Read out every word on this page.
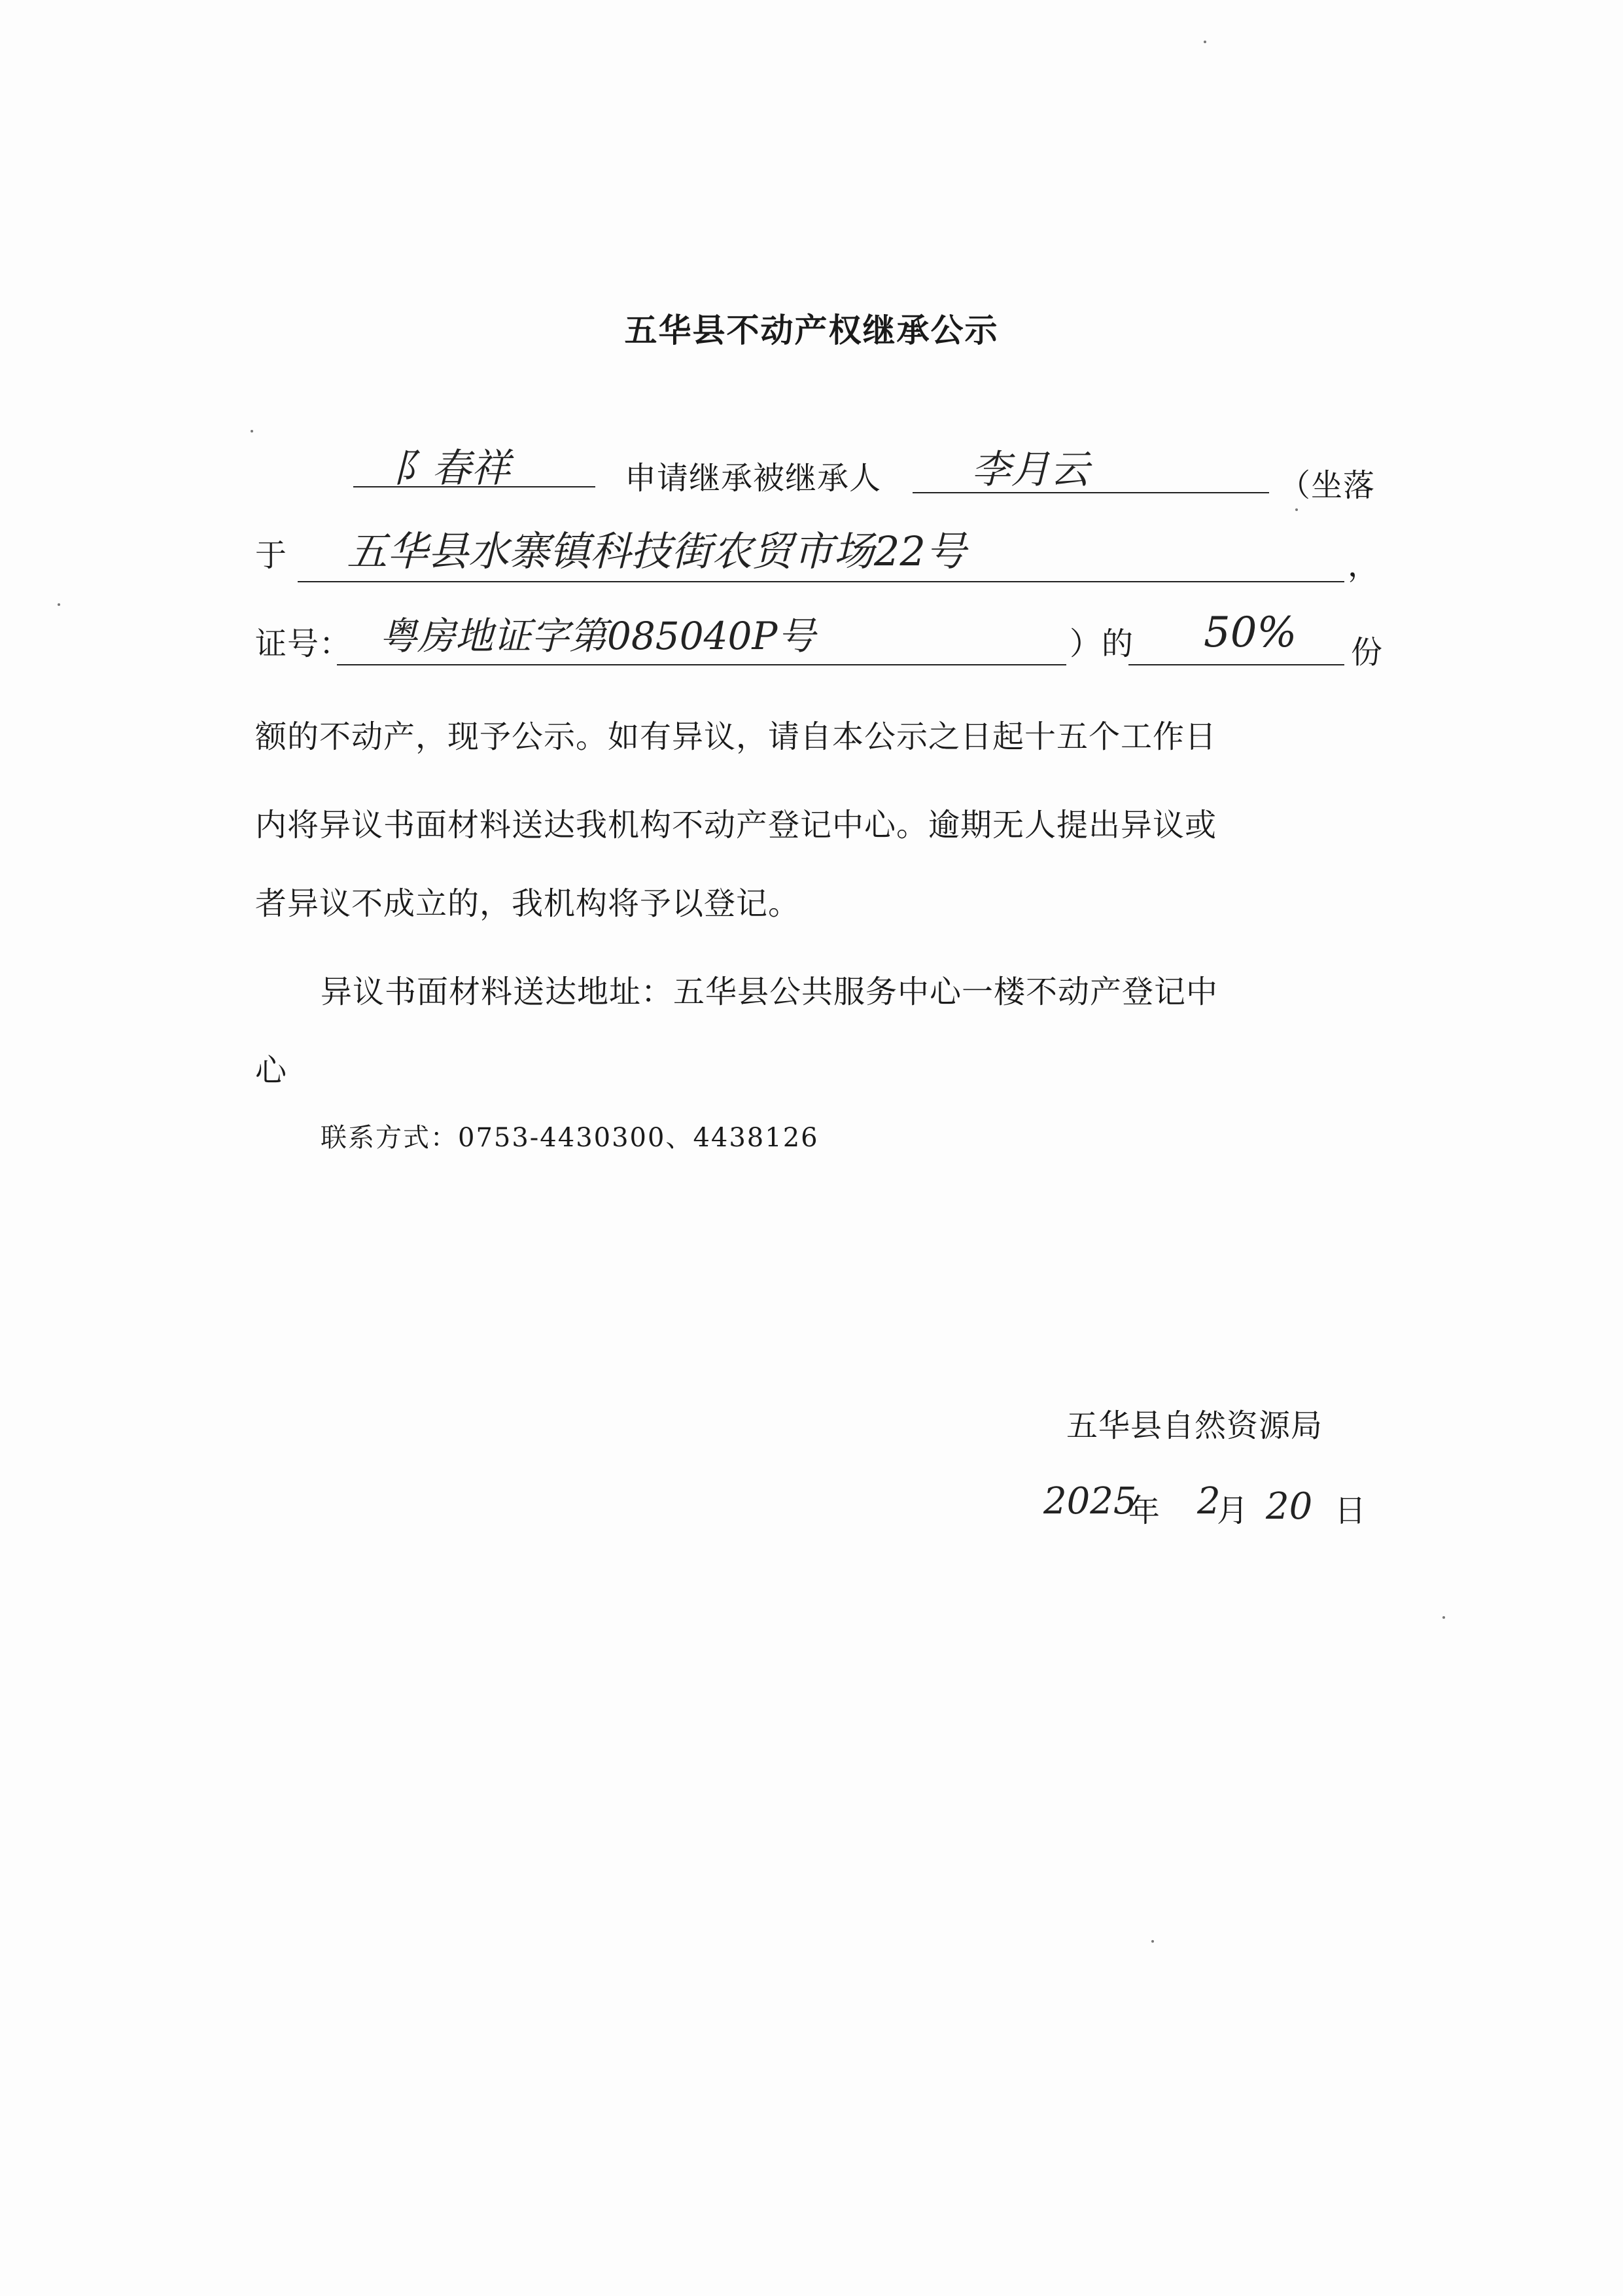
五华县不动产权继承公示
阝春祥	申请继承被继承人 李月云	（坐落
于 五华县水寨镇科技街农贸市场22号	，
证号： 粤房地证字第085040P号	）的 50% 份
额的不动产，现予公示。如有异议，请自本公示之日起十五个工作日
内将异议书面材料送达我机构不动产登记中心。逾期无人提出异议或
者异议不成立的，我机构将予以登记。
异议书面材料送达地址：五华县公共服务中心一楼不动产登记中
心
联系方式：0753-4430300、4438126
五华县自然资源局
2025
年 2
月 20 日
